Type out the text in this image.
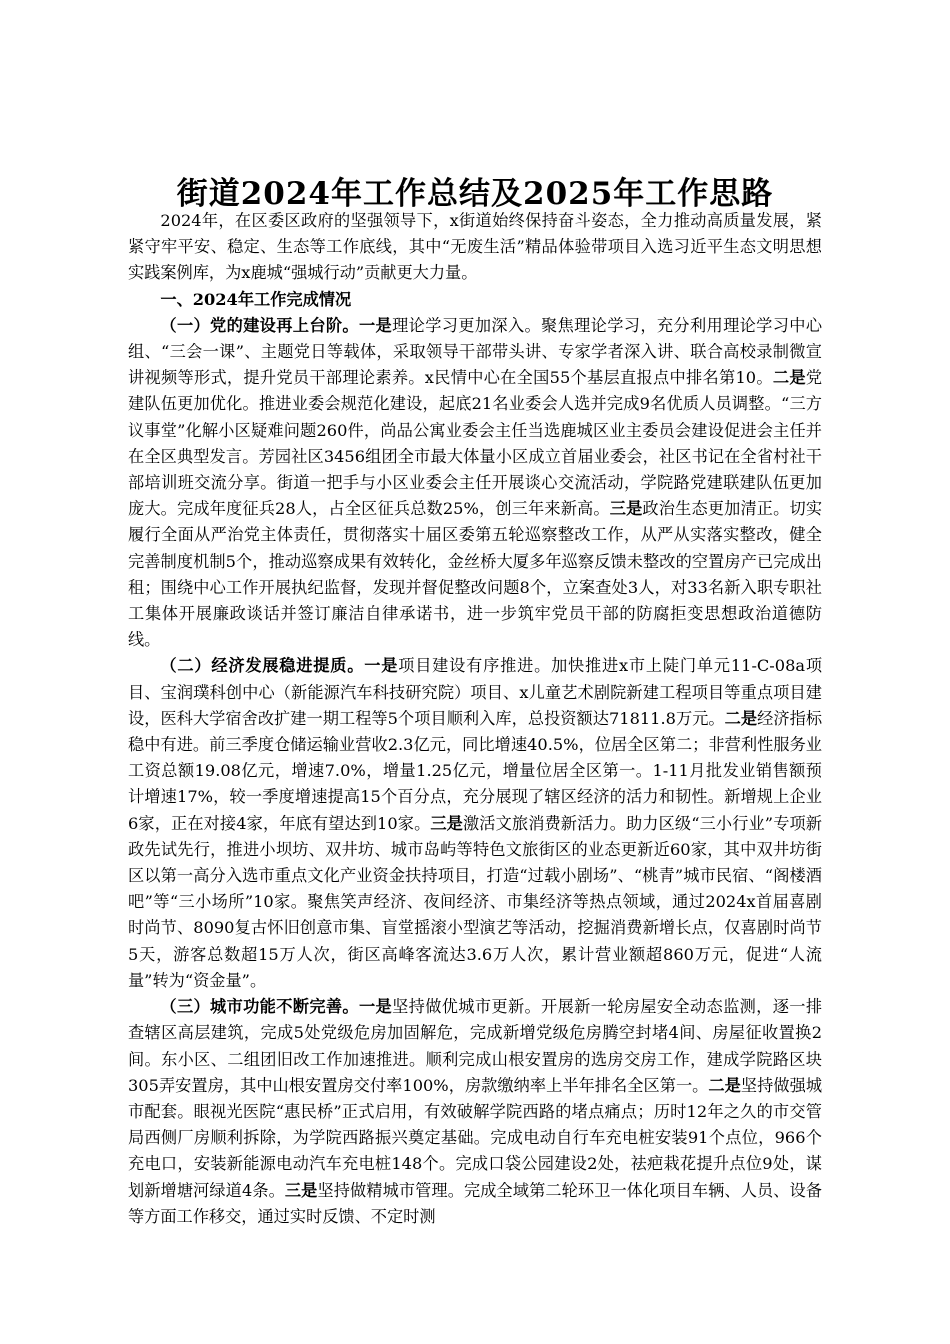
街道2024年工作总结及2025年工作思路

2024年，在区委区政府的坚强领导下，x街道始终保持奋斗姿态，全力推动高质量发展，紧紧守牢平安、稳定、生态等工作底线，其中“无废生活”精品体验带项目入选习近平生态文明思想实践案例库，为x鹿城“强城行动”贡献更大力量。

一、2024年工作完成情况

（一）党的建设再上台阶。一是理论学习更加深入。聚焦理论学习，充分利用理论学习中心组、“三会一课”、主题党日等载体，采取领导干部带头讲、专家学者深入讲、联合高校录制微宣讲视频等形式，提升党员干部理论素养。x民情中心在全国55个基层直报点中排名第10。二是党建队伍更加优化。推进业委会规范化建设，起底21名业委会人选并完成9名优质人员调整。“三方议事堂”化解小区疑难问题260件，尚品公寓业委会主任当选鹿城区业主委员会建设促进会主任并在全区典型发言。芳园社区3456组团全市最大体量小区成立首届业委会，社区书记在全省村社干部培训班交流分享。街道一把手与小区业委会主任开展谈心交流活动，学院路党建联建队伍更加庞大。完成年度征兵28人，占全区征兵总数25%，创三年来新高。三是政治生态更加清正。切实履行全面从严治党主体责任，贯彻落实十届区委第五轮巡察整改工作，从严从实落实整改，健全完善制度机制5个，推动巡察成果有效转化，金丝桥大厦多年巡察反馈未整改的空置房产已完成出租；围绕中心工作开展执纪监督，发现并督促整改问题8个，立案查处3人，对33名新入职专职社工集体开展廉政谈话并签订廉洁自律承诺书，进一步筑牢党员干部的防腐拒变思想政治道德防线。

（二）经济发展稳进提质。一是项目建设有序推进。加快推进x市上陡门单元11-C-08a项目、宝润璞科创中心（新能源汽车科技研究院）项目、x儿童艺术剧院新建工程项目等重点项目建设，医科大学宿舍改扩建一期工程等5个项目顺利入库，总投资额达71811.8万元。二是经济指标稳中有进。前三季度仓储运输业营收2.3亿元，同比增速40.5%，位居全区第二；非营利性服务业工资总额19.08亿元，增速7.0%，增量1.25亿元，增量位居全区第一。1-11月批发业销售额预计增速17%，较一季度增速提高15个百分点，充分展现了辖区经济的活力和韧性。新增规上企业6家，正在对接4家，年底有望达到10家。三是激活文旅消费新活力。助力区级“三小行业”专项新政先试先行，推进小坝坊、双井坊、城市岛屿等特色文旅街区的业态更新近60家，其中双井坊街区以第一高分入选市重点文化产业资金扶持项目，打造“过载小剧场”、“桃青”城市民宿、“阁楼酒吧”等“三小场所”10家。聚焦笑声经济、夜间经济、市集经济等热点领域，通过2024x首届喜剧时尚节、8090复古怀旧创意市集、盲堂摇滚小型演艺等活动，挖掘消费新增长点，仅喜剧时尚节5天，游客总数超15万人次，街区高峰客流达3.6万人次，累计营业额超860万元，促进“人流量”转为“资金量”。

（三）城市功能不断完善。一是坚持做优城市更新。开展新一轮房屋安全动态监测，逐一排查辖区高层建筑，完成5处党级危房加固解危，完成新增党级危房腾空封堵4间、房屋征收置换2间。东小区、二组团旧改工作加速推进。顺利完成山根安置房的选房交房工作，建成学院路区块305弄安置房，其中山根安置房交付率100%，房款缴纳率上半年排名全区第一。二是坚持做强城市配套。眼视光医院“惠民桥”正式启用，有效破解学院西路的堵点痛点；历时12年之久的市交管局西侧厂房顺利拆除，为学院西路振兴奠定基础。完成电动自行车充电桩安装91个点位，966个充电口，安装新能源电动汽车充电桩148个。完成口袋公园建设2处，祛疤栽花提升点位9处，谋划新增塘河绿道4条。三是坚持做精城市管理。完成全域第二轮环卫一体化项目车辆、人员、设备等方面工作移交，通过实时反馈、不定时测
